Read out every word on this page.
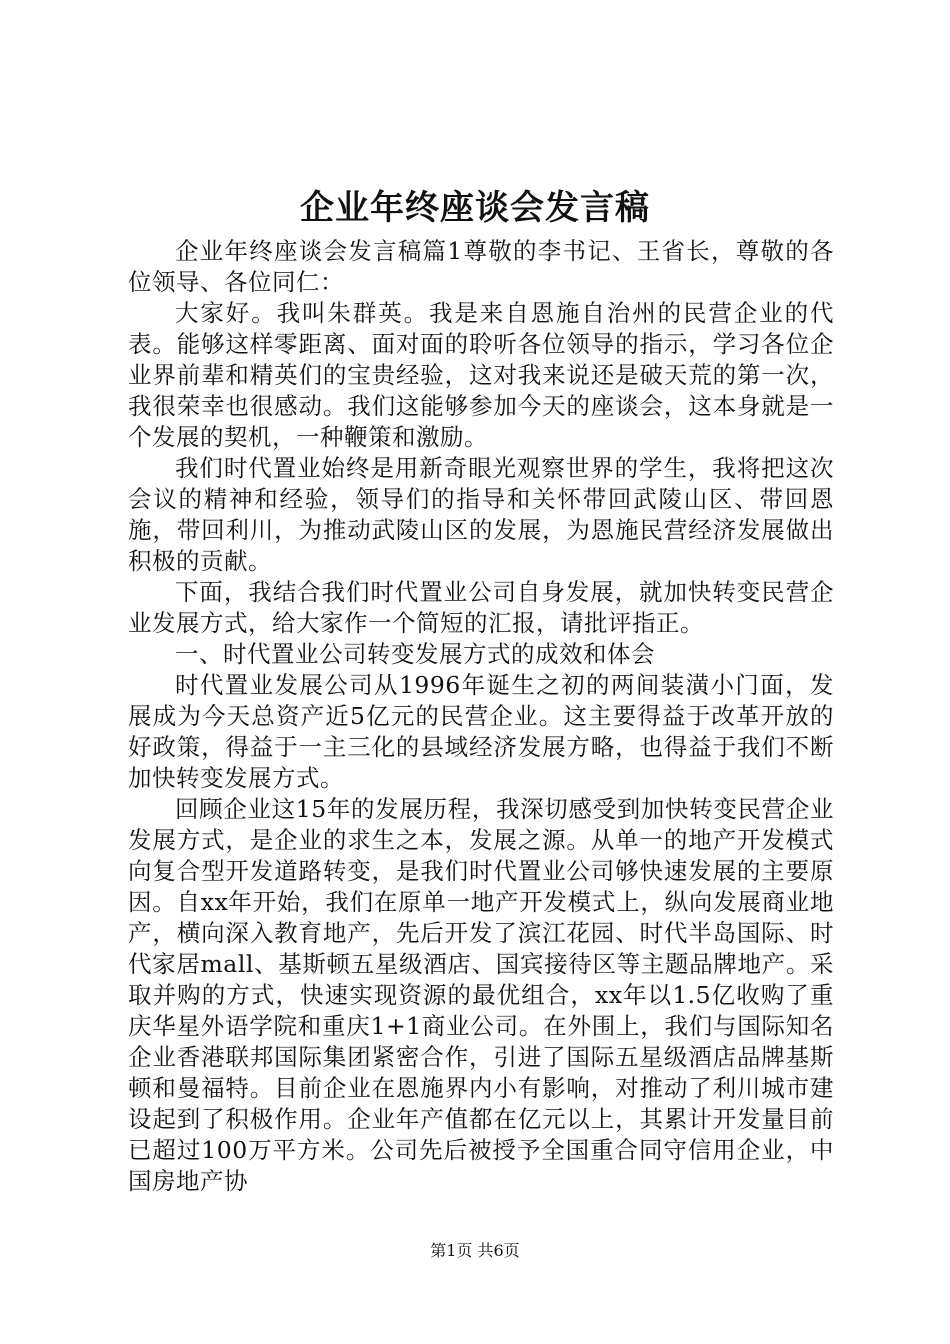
企业年终座谈会发言稿

企业年终座谈会发言稿篇1尊敬的李书记、王省长，尊敬的各位领导、各位同仁：

大家好。我叫朱群英。我是来自恩施自治州的民营企业的代表。能够这样零距离、面对面的聆听各位领导的指示，学习各位企业界前辈和精英们的宝贵经验，这对我来说还是破天荒的第一次，我很荣幸也很感动。我们这能够参加今天的座谈会，这本身就是一个发展的契机，一种鞭策和激励。

我们时代置业始终是用新奇眼光观察世界的学生，我将把这次会议的精神和经验，领导们的指导和关怀带回武陵山区、带回恩施，带回利川，为推动武陵山区的发展，为恩施民营经济发展做出积极的贡献。

下面，我结合我们时代置业公司自身发展，就加快转变民营企业发展方式，给大家作一个简短的汇报，请批评指正。

一、时代置业公司转变发展方式的成效和体会

时代置业发展公司从1996年诞生之初的两间装潢小门面，发展成为今天总资产近5亿元的民营企业。这主要得益于改革开放的好政策，得益于一主三化的县域经济发展方略，也得益于我们不断加快转变发展方式。

回顾企业这15年的发展历程，我深切感受到加快转变民营企业发展方式，是企业的求生之本，发展之源。从单一的地产开发模式向复合型开发道路转变，是我们时代置业公司够快速发展的主要原因。自xx年开始，我们在原单一地产开发模式上，纵向发展商业地产，横向深入教育地产，先后开发了滨江花园、时代半岛国际、时代家居mall、基斯顿五星级酒店、国宾接待区等主题品牌地产。采取并购的方式，快速实现资源的最优组合，xx年以1.5亿收购了重庆华星外语学院和重庆1+1商业公司。在外围上，我们与国际知名企业香港联邦国际集团紧密合作，引进了国际五星级酒店品牌基斯顿和曼福特。目前企业在恩施界内小有影响，对推动了利川城市建设起到了积极作用。企业年产值都在亿元以上，其累计开发量目前已超过100万平方米。公司先后被授予全国重合同守信用企业，中国房地产协

第1页 共6页
